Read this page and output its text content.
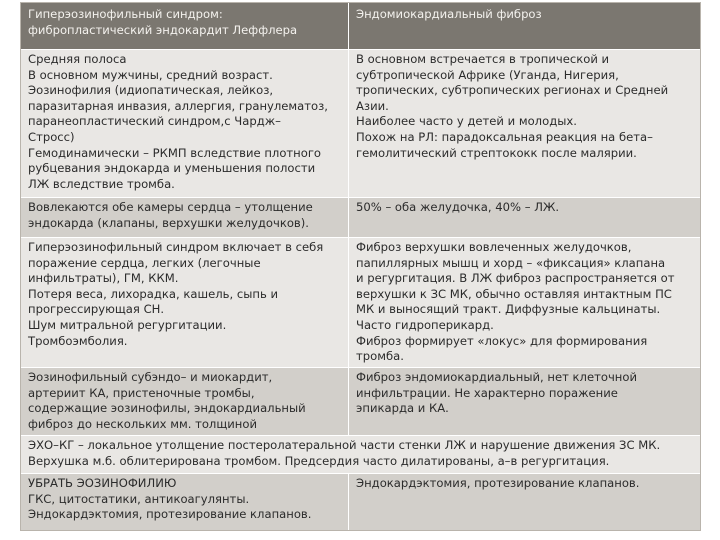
Гиперэозинофильный синдром:
фибропластический эндокардит Леффлера
Эндомиокардиальный фиброз
Средняя полоса
В основном мужчины, средний возраст.
Эозинофилия (идиопатическая, лейкоз,
паразитарная инвазия, аллергия, гранулематоз,
паранеопластический синдром,с Чардж–
Стросс)
Гемодинамически – РКМП вследствие плотного
рубцевания эндокарда и уменьшения полости
ЛЖ вследствие тромба.
В основном встречается в тропической и
субтропической Африке (Уганда, Нигерия,
тропических, субтропических регионах и Средней
Азии.
Наиболее часто у детей и молодых.
Похож на РЛ: парадоксальная реакция на бета–
гемолитический стрептококк после малярии.
Вовлекаются обе камеры сердца – утолщение
эндокарда (клапаны, верхушки желудочков).
50% – оба желудочка, 40% – ЛЖ.
Гиперэозинофильный синдром включает в себя
поражение сердца, легких (легочные
инфильтраты), ГМ, ККМ.
Потеря веса, лихорадка, кашель, сыпь и
прогрессирующая СН.
Шум митральной регургитации.
Тромбоэмболия.
Фиброз верхушки вовлеченных желудочков,
папиллярных мышц и хорд – «фиксация» клапана
и регургитация. В ЛЖ фиброз распространяется от
верхушки к ЗС МК, обычно оставляя интактным ПС
МК и выносящий тракт. Диффузные кальцинаты.
Часто гидроперикард.
Фиброз формирует «локус» для формирования
тромба.
Эозинофильный субэндо– и миокардит,
артериит КА, пристеночные тромбы,
содержащие эозинофилы, эндокардиальный
фиброз до нескольких мм. толщиной
Фиброз эндомиокардиальный, нет клеточной
инфильтрации. Не характерно поражение
эпикарда и КА.
ЭХО–КГ – локальное утолщение постеролатеральной части стенки ЛЖ и нарушение движения ЗС МК.
Верхушка м.б. облитерирована тромбом. Предсердия часто дилатированы, а–в регургитация.
УБРАТЬ ЭОЗИНОФИЛИЮ
ГКС, цитостатики, антикоагулянты.
Эндокардэктомия, протезирование клапанов.
Эндокардэктомия, протезирование клапанов.
